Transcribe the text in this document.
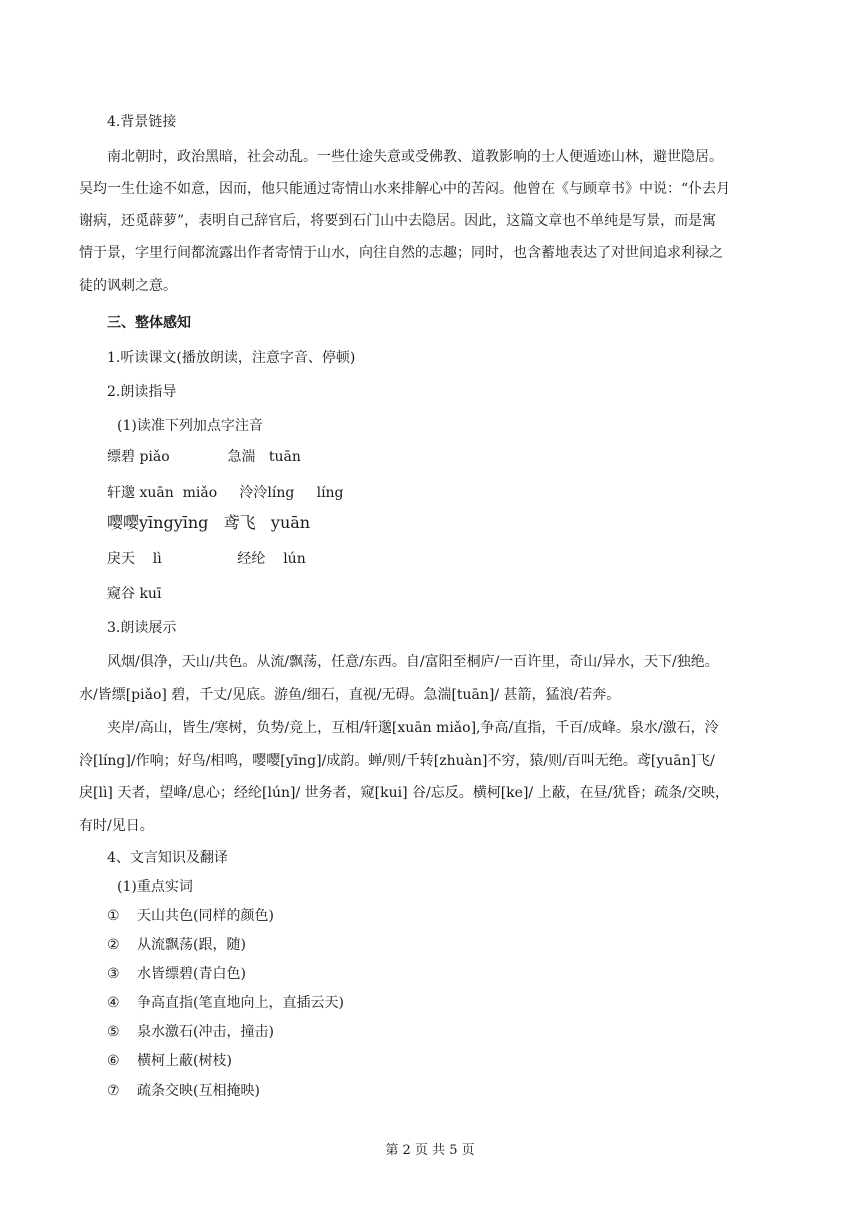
4.背景链接
南北朝时，政治黑暗，社会动乱。一些仕途失意或受佛教、道教影响的士人便遁迹山林，避世隐居。
吴均一生仕途不如意，因而，他只能通过寄情山水来排解心中的苦闷。他曾在《与顾章书》中说：“仆去月
谢病，还觅薜萝”，表明自己辞官后，将要到石门山中去隐居。因此，这篇文章也不单纯是写景，而是寓
情于景，字里行间都流露出作者寄情于山水，向往自然的志趣；同时，也含蓄地表达了对世间追求利禄之
徒的讽刺之意。
三、整体感知
1.听读课文(播放朗读，注意字音、停顿)
2.朗读指导
(1)读准下列加点字注音
缥碧 piǎo             急湍   tuān
轩邈 xuān  miǎo     泠泠líng     líng
嘤嘤yīngyīng   鸢飞   yuān
戾天    lì                 经纶    lún
窥谷 kuī
3.朗读展示
风烟/俱净，天山/共色。从流/飘荡，任意/东西。自/富阳至桐庐/一百许里，奇山/异水，天下/独绝。
水/皆缥[piǎo] 碧，千丈/见底。游鱼/细石，直视/无碍。急湍[tuān]/ 甚箭，猛浪/若奔。
夹岸/高山，皆生/寒树，负势/竞上，互相/轩邈[xuān miǎo],争高/直指，千百/成峰。泉水/激石，泠
泠[líng]/作响；好鸟/相鸣，嘤嘤[yīng]/成韵。蝉/则/千转[zhuàn]不穷，猿/则/百叫无绝。鸢[yuān]飞/
戾[lì] 天者，望峰/息心；经纶[lún]/ 世务者，窥[kui] 谷/忘反。横柯[ke]/ 上蔽，在昼/犹昏；疏条/交映，
有时/见日。
4、文言知识及翻译
(1)重点实词
① 天山共色(同样的颜色)
② 从流飘荡(跟，随)
③ 水皆缥碧(青白色)
④ 争高直指(笔直地向上，直插云天)
⑤ 泉水激石(冲击，撞击)
⑥ 横柯上蔽(树枝)
⑦ 疏条交映(互相掩映)
第 2 页 共 5 页
